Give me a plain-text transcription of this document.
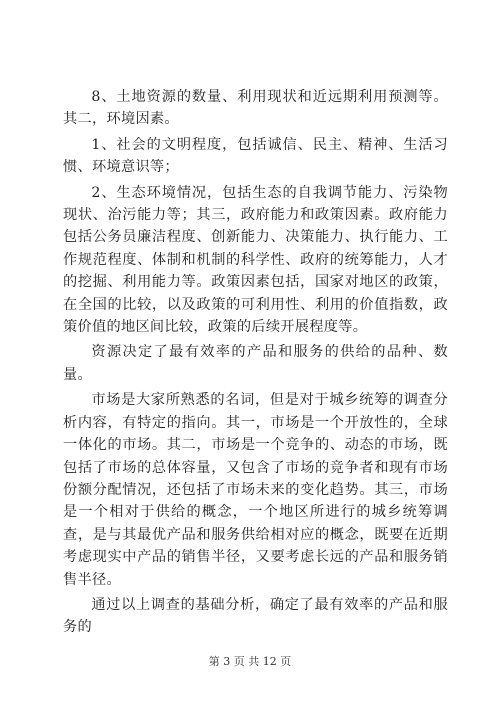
8、土地资源的数量、利用现状和近远期利用预测等。其二，环境因素。

1、社会的文明程度，包括诚信、民主、精神、生活习惯、环境意识等；

2、生态环境情况，包括生态的自我调节能力、污染物现状、治污能力等；其三，政府能力和政策因素。政府能力包括公务员廉洁程度、创新能力、决策能力、执行能力、工作规范程度、体制和机制的科学性、政府的统筹能力，人才的挖掘、利用能力等。政策因素包括，国家对地区的政策，在全国的比较，以及政策的可利用性、利用的价值指数，政策价值的地区间比较，政策的后续开展程度等。

资源决定了最有效率的产品和服务的供给的品种、数量。

市场是大家所熟悉的名词，但是对于城乡统筹的调查分析内容，有特定的指向。其一，市场是一个开放性的，全球一体化的市场。其二，市场是一个竞争的、动态的市场，既包括了市场的总体容量，又包含了市场的竞争者和现有市场份额分配情况，还包括了市场未来的变化趋势。其三，市场是一个相对于供给的概念，一个地区所进行的城乡统筹调查，是与其最优产品和服务供给相对应的概念，既要在近期考虑现实中产品的销售半径，又要考虑长远的产品和服务销售半径。

通过以上调查的基础分析，确定了最有效率的产品和服务的

第 3 页 共 12 页
